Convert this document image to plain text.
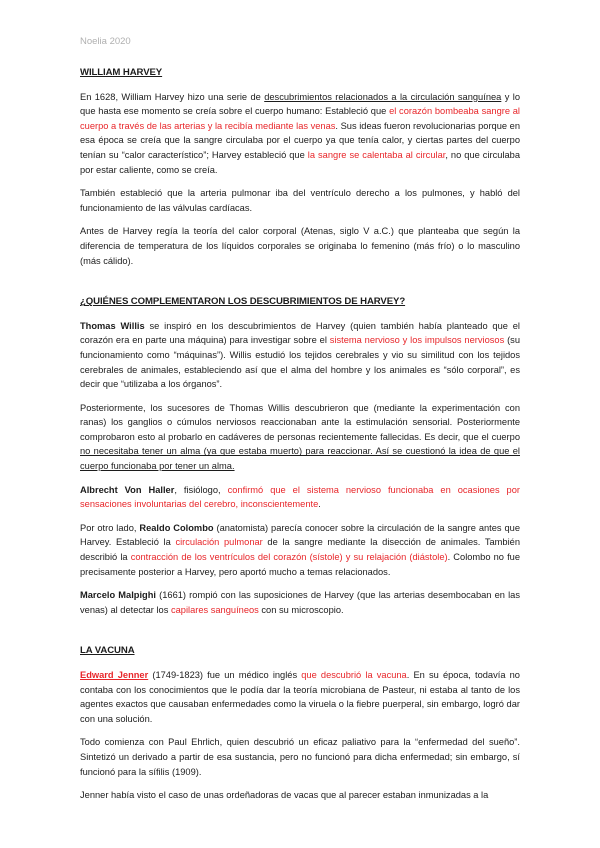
Noelia 2020
WILLIAM HARVEY

En 1628, William Harvey hizo una serie de descubrimientos relacionados a la circulación sanguínea y lo que hasta ese momento se creía sobre el cuerpo humano: Estableció que el corazón bombeaba sangre al cuerpo a través de las arterias y la recibía mediante las venas. Sus ideas fueron revolucionarias porque en esa época se creía que la sangre circulaba por el cuerpo ya que tenía calor, y ciertas partes del cuerpo tenían su “calor característico”; Harvey estableció que la sangre se calentaba al circular, no que circulaba por estar caliente, como se creía.

También estableció que la arteria pulmonar iba del ventrículo derecho a los pulmones, y habló del funcionamiento de las válvulas cardíacas.

Antes de Harvey regía la teoría del calor corporal (Atenas, siglo V a.C.) que planteaba que según la diferencia de temperatura de los líquidos corporales se originaba lo femenino (más frío) o lo masculino (más cálido).

¿QUIÉNES COMPLEMENTARON LOS DESCUBRIMIENTOS DE HARVEY?

Thomas Willis se inspiró en los descubrimientos de Harvey (quien también había planteado que el corazón era en parte una máquina) para investigar sobre el sistema nervioso y los impulsos nerviosos (su funcionamiento como “máquinas”). Willis estudió los tejidos cerebrales y vio su similitud con los tejidos cerebrales de animales, estableciendo así que el alma del hombre y los animales es “sólo corporal”, es decir que “utilizaba a los órganos”.

Posteriormente, los sucesores de Thomas Willis descubrieron que (mediante la experimentación con ranas) los ganglios o cúmulos nerviosos reaccionaban ante la estimulación sensorial. Posteriormente comprobaron esto al probarlo en cadáveres de personas recientemente fallecidas. Es decir, que el cuerpo no necesitaba tener un alma (ya que estaba muerto) para reaccionar. Así se cuestionó la idea de que el cuerpo funcionaba por tener un alma.

Albrecht Von Haller, fisiólogo, confirmó que el sistema nervioso funcionaba en ocasiones por sensaciones involuntarias del cerebro, inconscientemente.

Por otro lado, Realdo Colombo (anatomista) parecía conocer sobre la circulación de la sangre antes que Harvey. Estableció la circulación pulmonar de la sangre mediante la disección de animales. También describió la contracción de los ventrículos del corazón (sístole) y su relajación (diástole). Colombo no fue precisamente posterior a Harvey, pero aportó mucho a temas relacionados.

Marcelo Malpighi (1661) rompió con las suposiciones de Harvey (que las arterias desembocaban en las venas) al detectar los capilares sanguíneos con su microscopio.

LA VACUNA

Edward Jenner (1749-1823) fue un médico inglés que descubrió la vacuna. En su época, todavía no contaba con los conocimientos que le podía dar la teoría microbiana de Pasteur, ni estaba al tanto de los agentes exactos que causaban enfermedades como la viruela o la fiebre puerperal, sin embargo, logró dar con una solución.

Todo comienza con Paul Ehrlich, quien descubrió un eficaz paliativo para la “enfermedad del sueño”. Sintetizó un derivado a partir de esa sustancia, pero no funcionó para dicha enfermedad; sin embargo, sí funcionó para la sífilis (1909).

Jenner había visto el caso de unas ordeñadoras de vacas que al parecer estaban inmunizadas a la
